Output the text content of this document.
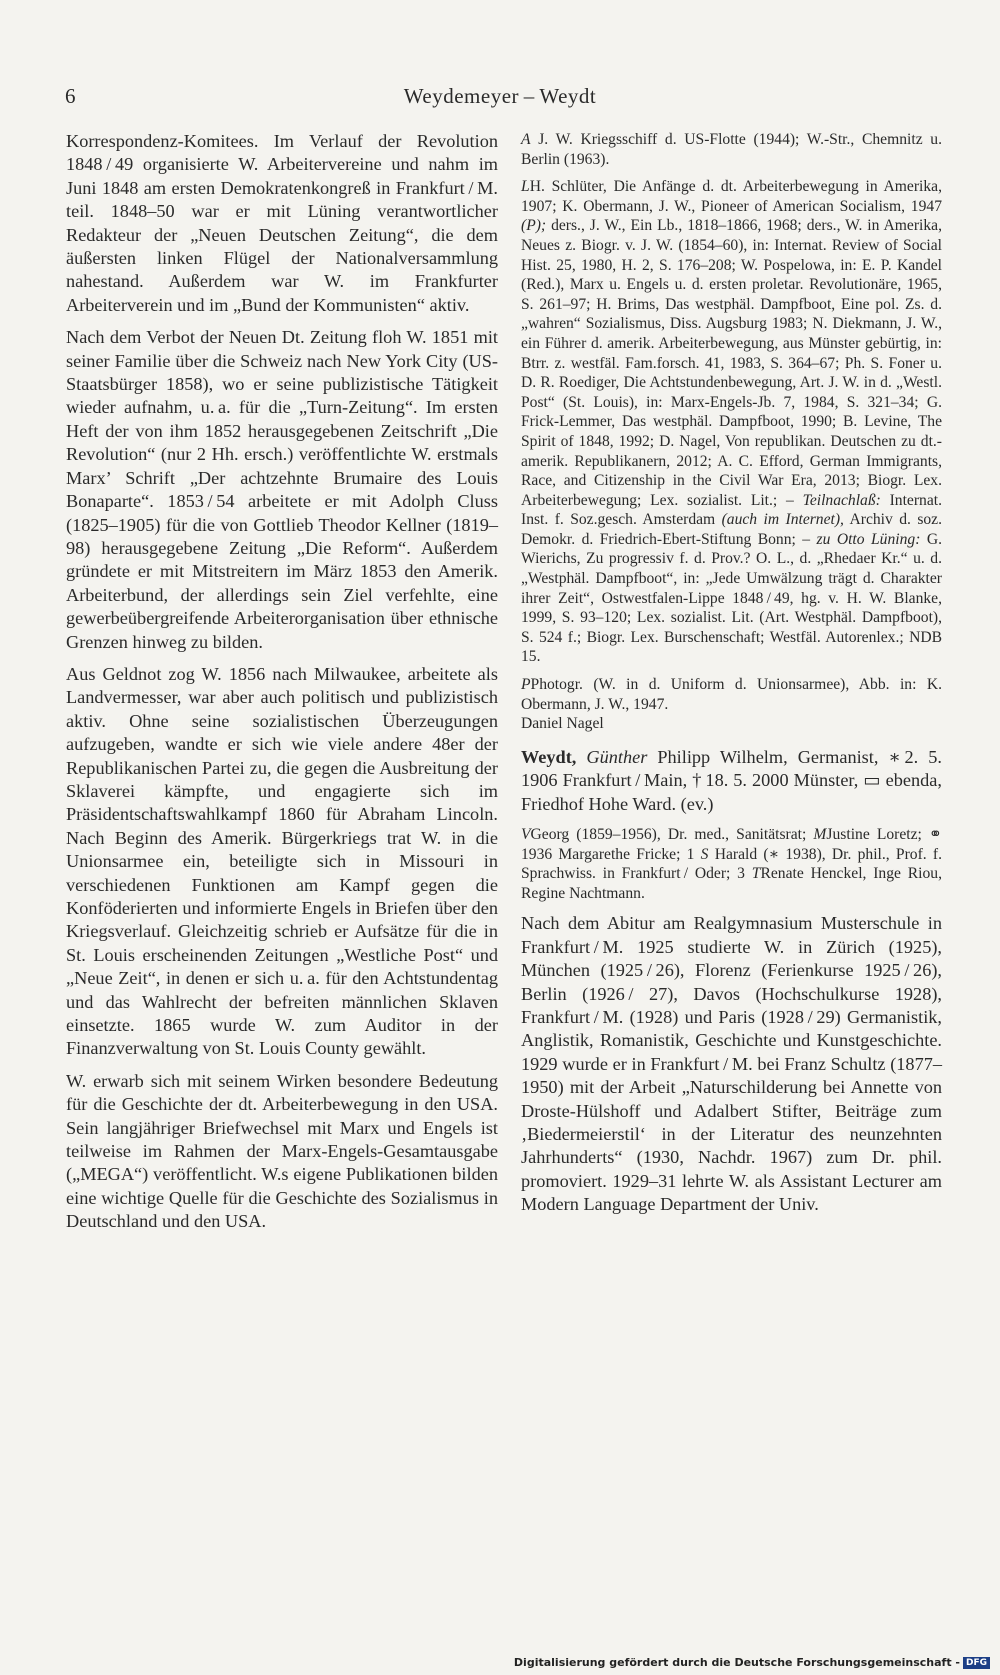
6	Weydemeyer – Weydt

Korrespondenz-Komitees. Im Verlauf der Revolution 1848 / 49 organisierte W. Arbeitervereine und nahm im Juni 1848 am ersten Demokratenkongreß in Frankfurt / M. teil. 1848–50 war er mit Lüning verantwortlicher Redakteur der „Neuen Deutschen Zeitung“, die dem äußersten linken Flügel der Nationalversammlung nahestand. Außerdem war W. im Frankfurter Arbeiterverein und im „Bund der Kommunisten“ aktiv.

Nach dem Verbot der Neuen Dt. Zeitung floh W. 1851 mit seiner Familie über die Schweiz nach New York City (US-Staatsbürger 1858), wo er seine publizistische Tätigkeit wieder aufnahm, u. a. für die „Turn-Zeitung“. Im ersten Heft der von ihm 1852 herausgegebenen Zeitschrift „Die Revolution“ (nur 2 Hh. ersch.) veröffentlichte W. erstmals Marx’ Schrift „Der achtzehnte Brumaire des Louis Bonaparte“. 1853 / 54 arbeitete er mit Adolph Cluss (1825–1905) für die von Gottlieb Theodor Kellner (1819–98) herausgegebene Zeitung „Die Reform“. Außerdem gründete er mit Mitstreitern im März 1853 den Amerik. Arbeiterbund, der allerdings sein Ziel verfehlte, eine gewerbeübergreifende Arbeiterorganisation über ethnische Grenzen hinweg zu bilden.

Aus Geldnot zog W. 1856 nach Milwaukee, arbeitete als Landvermesser, war aber auch politisch und publizistisch aktiv. Ohne seine sozialistischen Überzeugungen aufzugeben, wandte er sich wie viele andere 48er der Republikanischen Partei zu, die gegen die Ausbreitung der Sklaverei kämpfte, und engagierte sich im Präsidentschaftswahlkampf 1860 für Abraham Lincoln. Nach Beginn des Amerik. Bürgerkriegs trat W. in die Unionsarmee ein, beteiligte sich in Missouri in verschiedenen Funktionen am Kampf gegen die Konföderierten und informierte Engels in Briefen über den Kriegsverlauf. Gleichzeitig schrieb er Aufsätze für die in St. Louis erscheinenden Zeitungen „Westliche Post“ und „Neue Zeit“, in denen er sich u. a. für den Achtstundentag und das Wahlrecht der befreiten männlichen Sklaven einsetzte. 1865 wurde W. zum Auditor in der Finanzverwaltung von St. Louis County gewählt.

W. erwarb sich mit seinem Wirken besondere Bedeutung für die Geschichte der dt. Arbeiterbewegung in den USA. Sein langjähriger Briefwechsel mit Marx und Engels ist teilweise im Rahmen der Marx-Engels-Gesamtausgabe („MEGA“) veröffentlicht. W.s eigene Publikationen bilden eine wichtige Quelle für die Geschichte des Sozialismus in Deutschland und den USA.

A J. W. Kriegsschiff d. US-Flotte (1944); W.-Str., Chemnitz u. Berlin (1963).

LH. Schlüter, Die Anfänge d. dt. Arbeiterbewegung in Amerika, 1907; K. Obermann, J. W., Pioneer of American Socialism, 1947 (P); ders., J. W., Ein Lb., 1818–1866, 1968; ders., W. in Amerika, Neues z. Biogr. v. J. W. (1854–60), in: Internat. Review of Social Hist. 25, 1980, H. 2, S. 176–208; W. Pospelowa, in: E. P. Kandel (Red.), Marx u. Engels u. d. ersten proletar. Revolutionäre, 1965, S. 261–97; H. Brims, Das westphäl. Dampfboot, Eine pol. Zs. d. „wahren“ Sozialismus, Diss. Augsburg 1983; N. Diekmann, J. W., ein Führer d. amerik. Arbeiterbewegung, aus Münster gebürtig, in: Btrr. z. westfäl. Fam.forsch. 41, 1983, S. 364–67; Ph. S. Foner u. D. R. Roediger, Die Achtstundenbewegung, Art. J. W. in d. „Westl. Post“ (St. Louis), in: Marx-Engels-Jb. 7, 1984, S. 321–34; G. Frick-Lemmer, Das westphäl. Dampfboot, 1990; B. Levine, The Spirit of 1848, 1992; D. Nagel, Von republikan. Deutschen zu dt.-amerik. Republikanern, 2012; A. C. Efford, German Immigrants, Race, and Citizenship in the Civil War Era, 2013; Biogr. Lex. Arbeiterbewegung; Lex. sozialist. Lit.; – Teilnachlaß: Internat. Inst. f. Soz.gesch. Amsterdam (auch im Internet), Archiv d. soz. Demokr. d. Friedrich-Ebert-Stiftung Bonn; – zu Otto Lüning: G. Wierichs, Zu progressiv f. d. Prov.? O. L., d. „Rhedaer Kr.“ u. d. „Westphäl. Dampfboot“, in: „Jede Umwälzung trägt d. Charakter ihrer Zeit“, Ostwestfalen-Lippe 1848 / 49, hg. v. H. W. Blanke, 1999, S. 93–120; Lex. sozialist. Lit. (Art. Westphäl. Dampfboot), S. 524 f.; Biogr. Lex. Burschenschaft; Westfäl. Autorenlex.; NDB 15.

PPhotogr. (W. in d. Uniform d. Unionsarmee), Abb. in: K. Obermann, J. W., 1947.

Daniel Nagel

Weydt, Günther Philipp Wilhelm, Germanist, ∗ 2. 5. 1906 Frankfurt / Main, † 18. 5. 2000 Münster, ▭ ebenda, Friedhof Hohe Ward. (ev.)

VGeorg (1859–1956), Dr. med., Sanitätsrat; MJustine Loretz; ⚭ 1936 Margarethe Fricke; 1 S Harald (∗ 1938), Dr. phil., Prof. f. Sprachwiss. in Frankfurt / Oder; 3 TRenate Henckel, Inge Riou, Regine Nachtmann.

Nach dem Abitur am Realgymnasium Musterschule in Frankfurt / M. 1925 studierte W. in Zürich (1925), München (1925 / 26), Florenz (Ferienkurse 1925 / 26), Berlin (1926 / 27), Davos (Hochschulkurse 1928), Frankfurt / M. (1928) und Paris (1928 / 29) Germanistik, Anglistik, Romanistik, Geschichte und Kunstgeschichte. 1929 wurde er in Frankfurt / M. bei Franz Schultz (1877–1950) mit der Arbeit „Naturschilderung bei Annette von Droste-Hülshoff und Adalbert Stifter, Beiträge zum ‚Biedermeierstil‘ in der Literatur des neunzehnten Jahrhunderts“ (1930, Nachdr. 1967) zum Dr. phil. promoviert. 1929–31 lehrte W. als Assistant Lecturer am Modern Language Department der Univ.

Digitalisierung gefördert durch die Deutsche Forschungsgemeinschaft - DFG
